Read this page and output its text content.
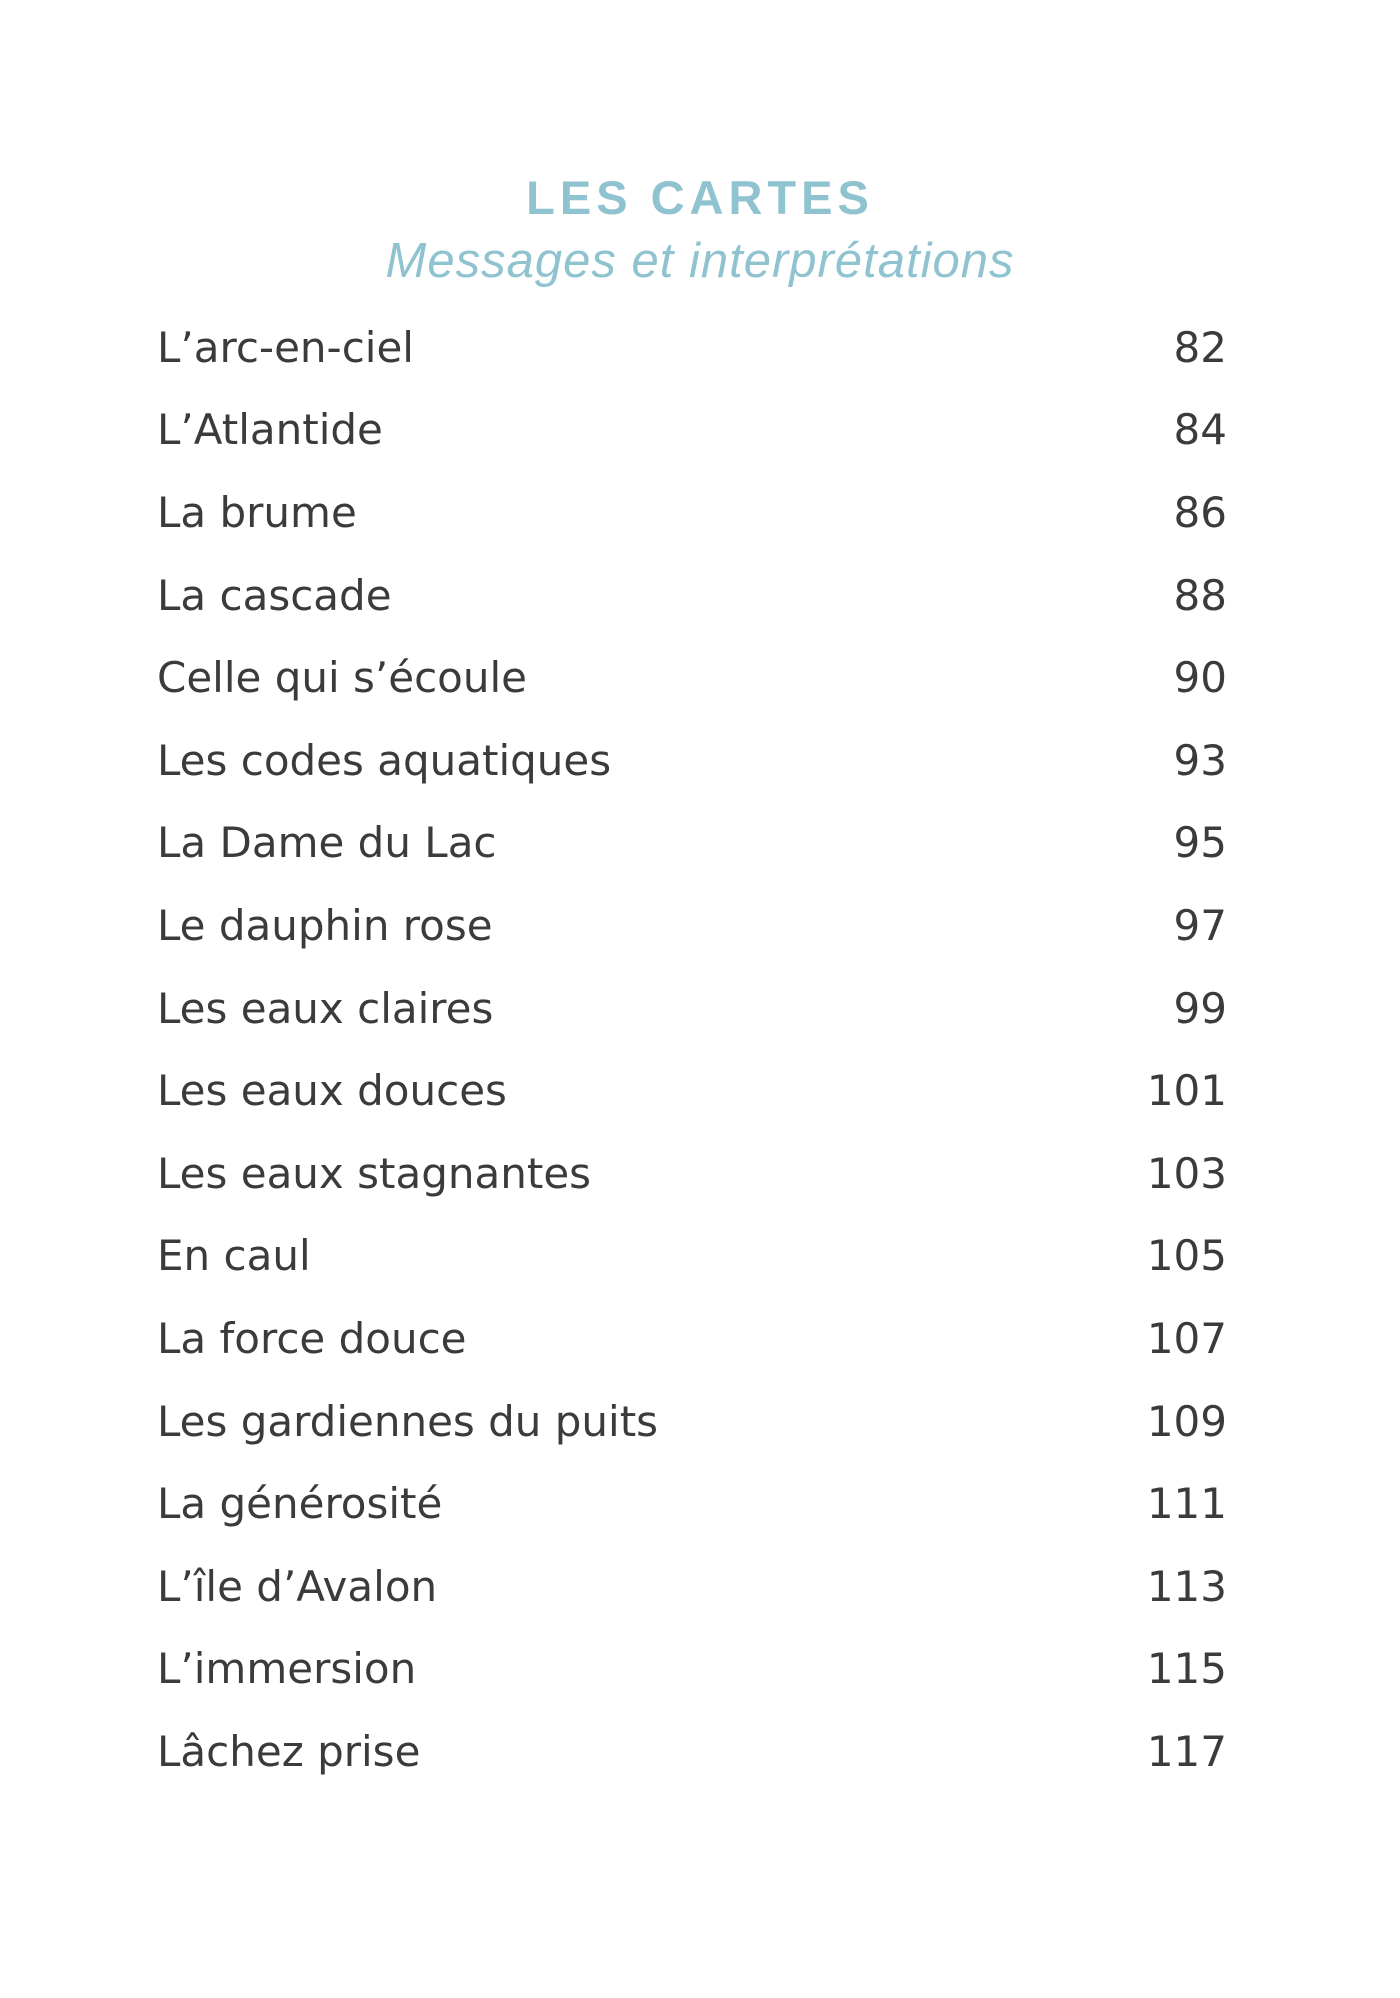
LES CARTES
Messages et interprétations
L’arc-en-ciel	82
L’Atlantide	84
La brume	86
La cascade	88
Celle qui s’écoule	90
Les codes aquatiques	93
La Dame du Lac	95
Le dauphin rose	97
Les eaux claires	99
Les eaux douces	101
Les eaux stagnantes	103
En caul	105
La force douce	107
Les gardiennes du puits	109
La générosité	111
L’île d’Avalon	113
L’immersion	115
Lâchez prise	117
